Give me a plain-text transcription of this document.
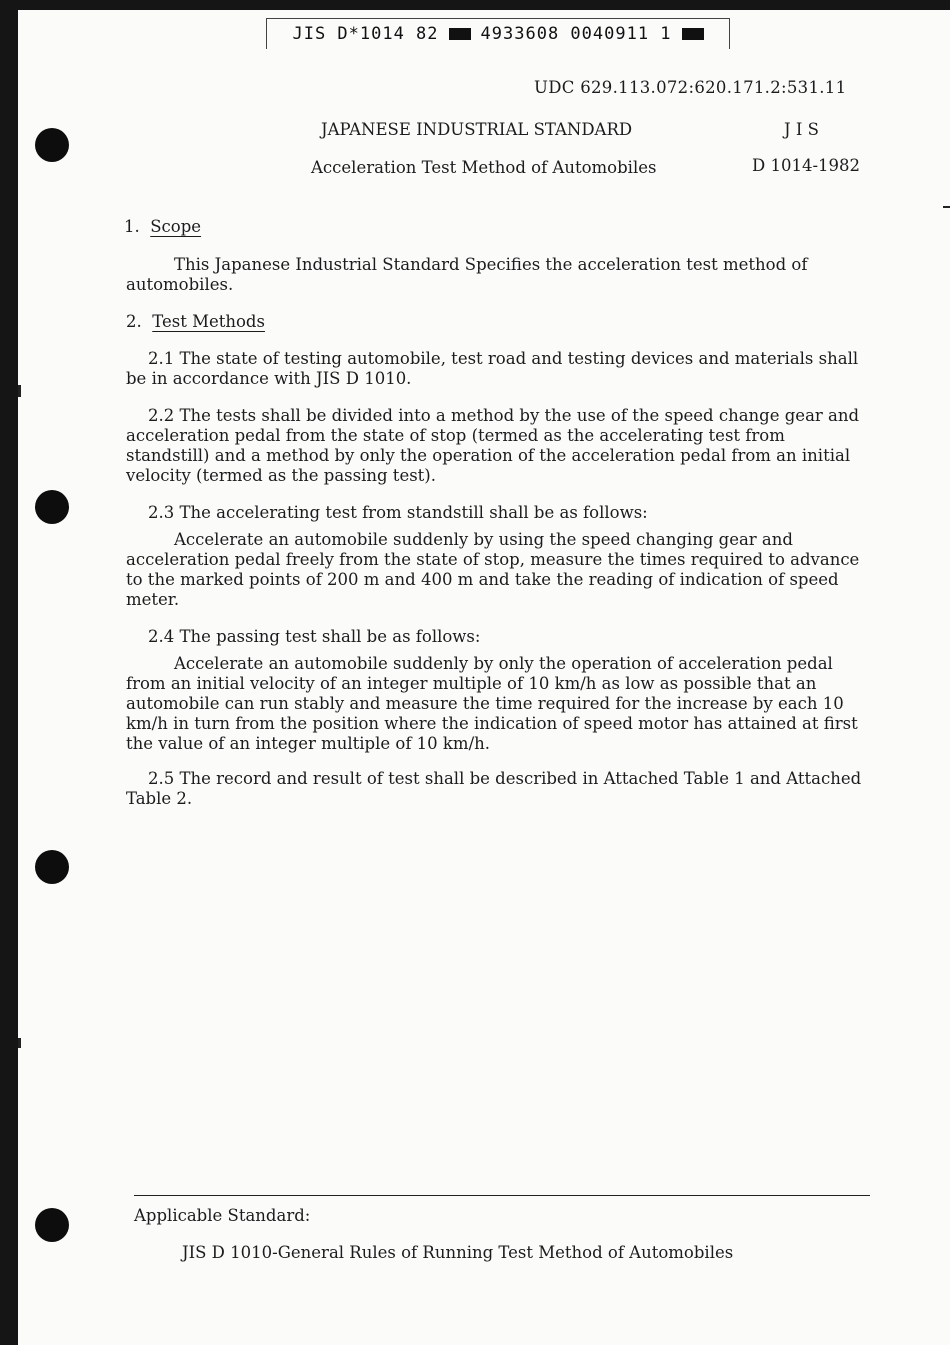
JIS D*1014 82 4933608 0040911 1
UDC 629.113.072:620.171.2:531.11
JAPANESE INDUSTRIAL STANDARD	J I S
Acceleration Test Method of Automobiles	D 1014-1982
1. Scope
This Japanese Industrial Standard Specifies the acceleration test method of automobiles.
2. Test Methods
2.1 The state of testing automobile, test road and testing devices and materials shall be in accordance with JIS D 1010.
2.2 The tests shall be divided into a method by the use of the speed change gear and acceleration pedal from the state of stop (termed as the accelerating test from standstill) and a method by only the operation of the acceleration pedal from an initial velocity (termed as the passing test).
2.3 The accelerating test from standstill shall be as follows:
Accelerate an automobile suddenly by using the speed changing gear and acceleration pedal freely from the state of stop, measure the times required to advance to the marked points of 200 m and 400 m and take the reading of indication of speed meter.
2.4 The passing test shall be as follows:
Accelerate an automobile suddenly by only the operation of acceleration pedal from an initial velocity of an integer multiple of 10 km/h as low as possible that an automobile can run stably and measure the time required for the increase by each 10 km/h in turn from the position where the indication of speed motor has attained at first the value of an integer multiple of 10 km/h.
2.5 The record and result of test shall be described in Attached Table 1 and Attached Table 2.
Applicable Standard:
JIS D 1010-General Rules of Running Test Method of Automobiles
